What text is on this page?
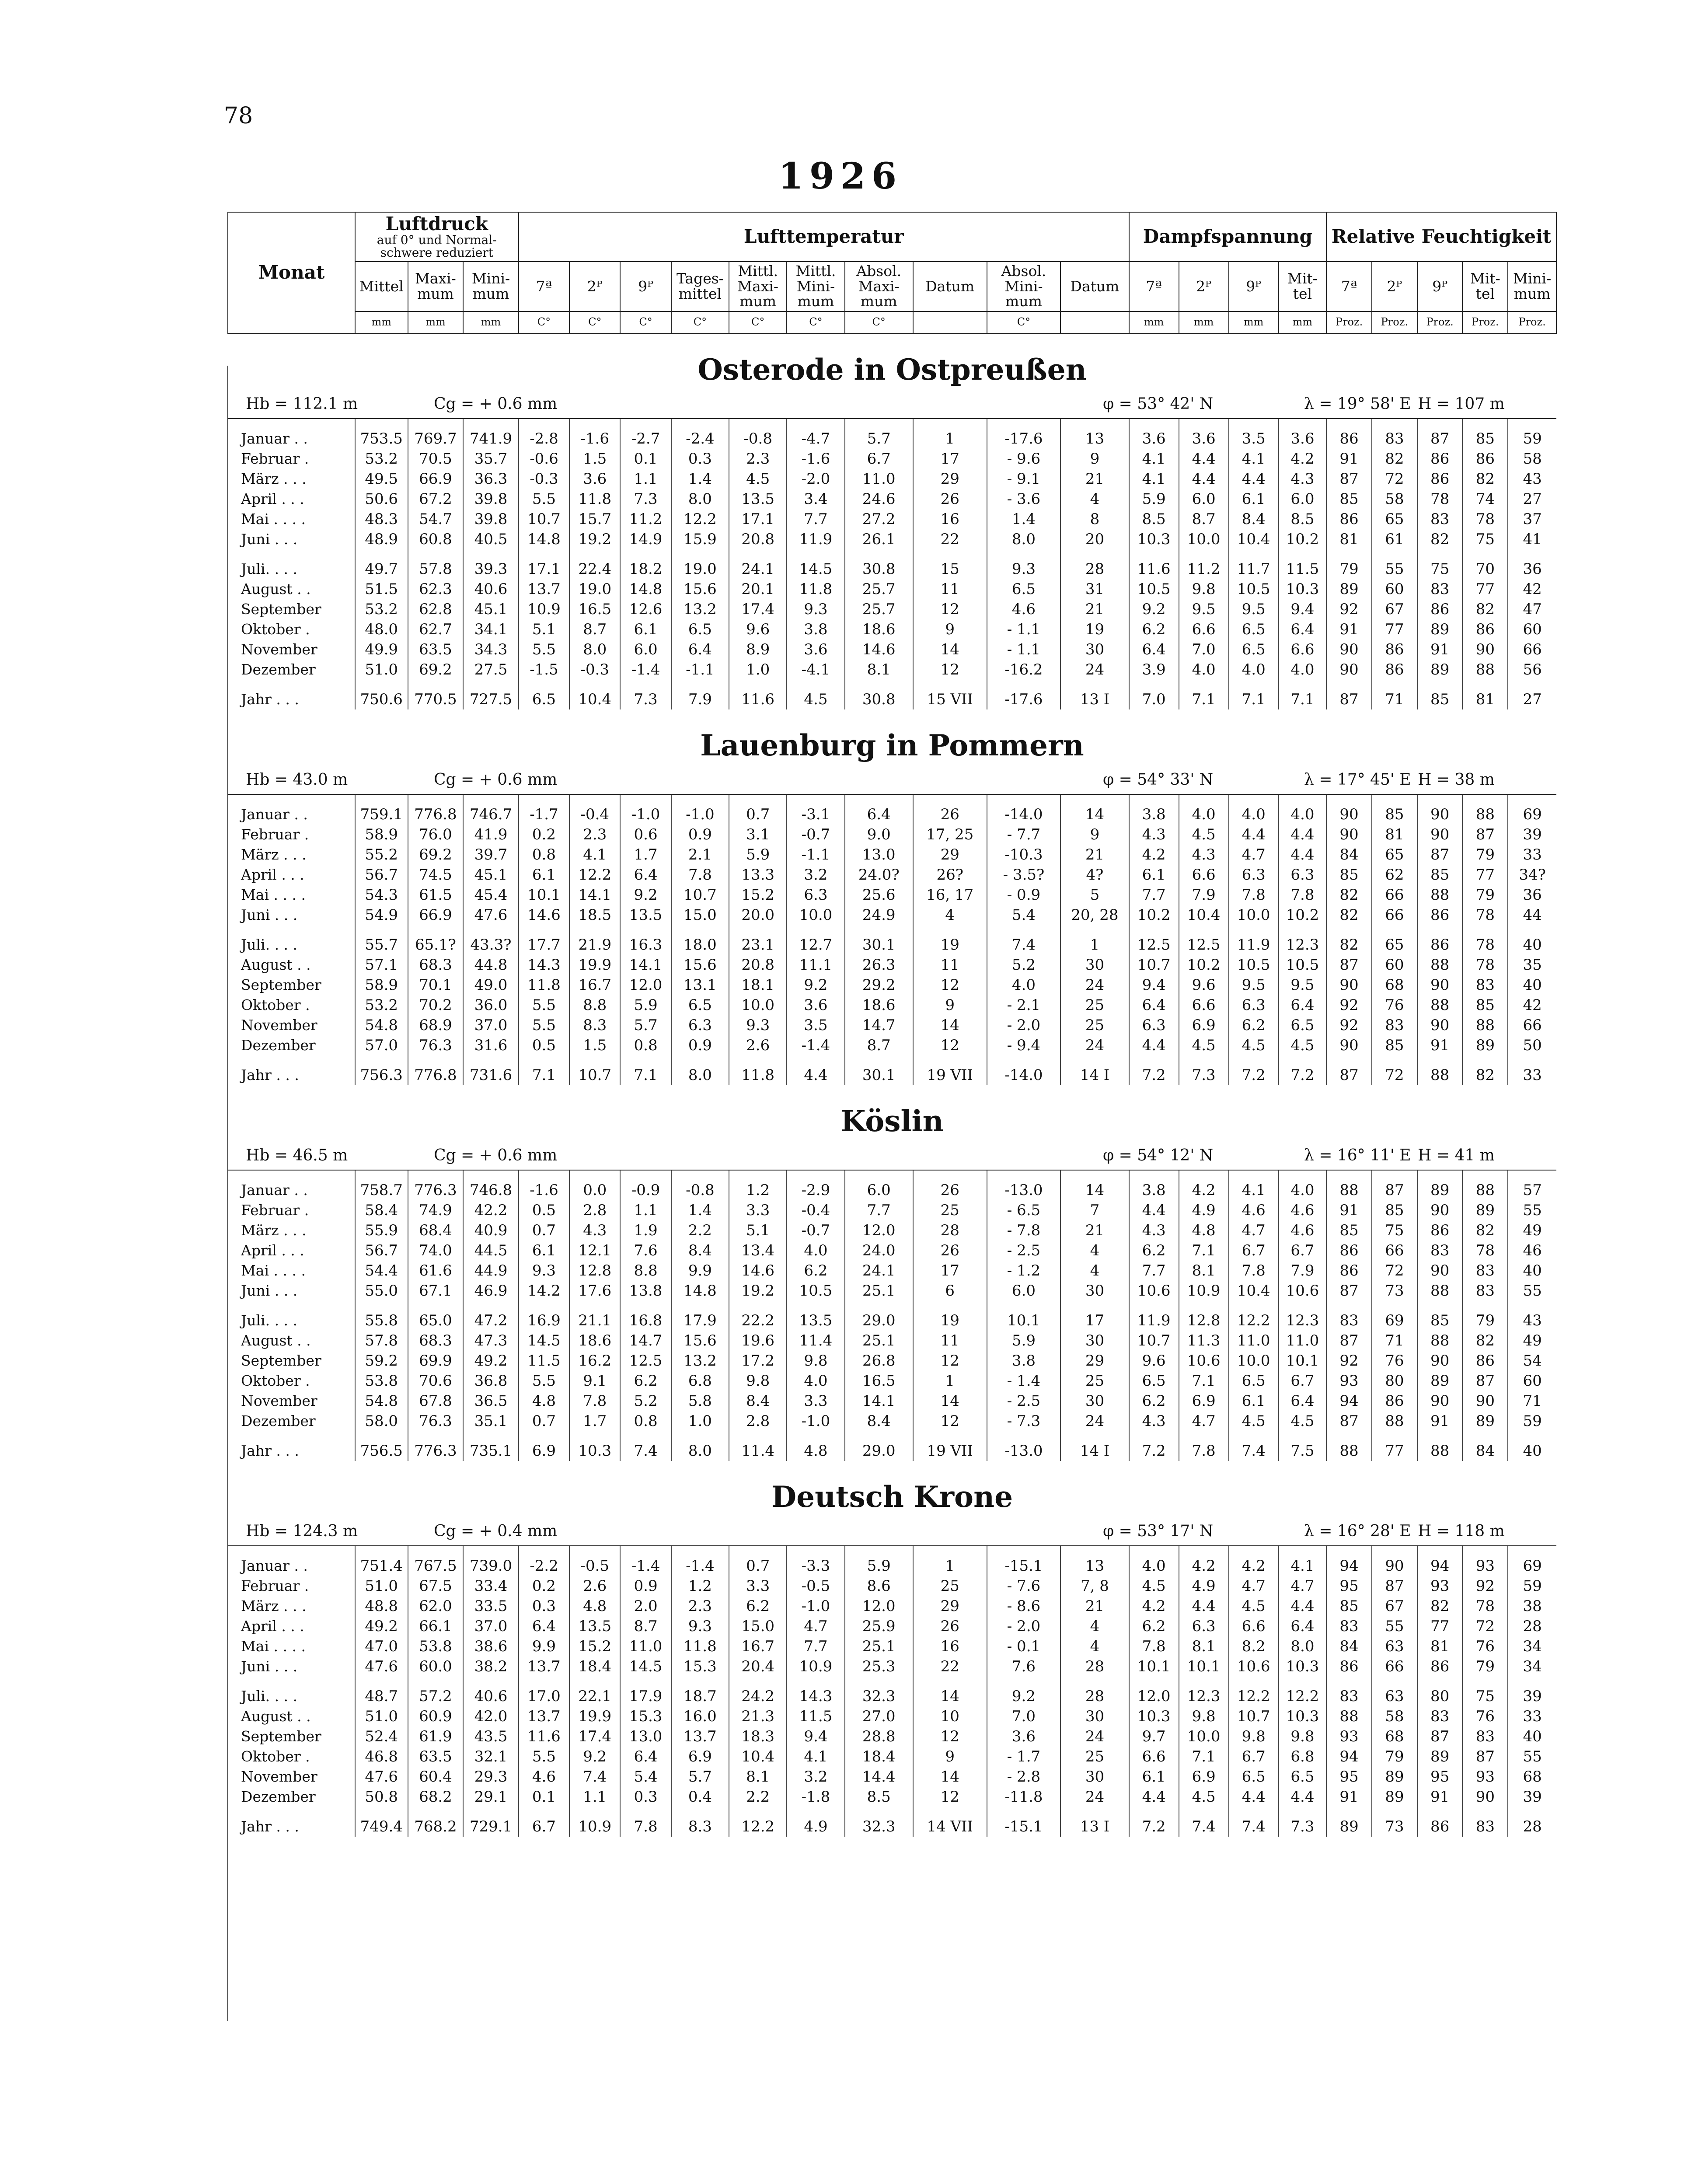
78
1926
Monat	Luftdruck
auf 0° und Normal-schwere reduziert			Lufttemperatur										Dampfspannung				Relative Feuchtigkeit				
	Mittel	Maxi-mum	Mini-mum	7ª	2ᴾ	9ᴾ	Tages-mittel	Mittl. Maxi-mum	Mittl. Mini-mum	Absol. Maxi-mum	Datum	Absol. Mini-mum	Datum	7ª	2ᴾ	9ᴾ	Mit-tel	7ª	2ᴾ	9ᴾ	Mit-tel	Mini-mum
	mm	mm	mm	C°	C°	C°	C°	C°	C°	C°		C°		mm	mm	mm	mm	Proz.	Proz.	Proz.	Proz.	Proz.
Osterode in Ostpreußen																						

Hb = 112.1 m Cg = + 0.6 mm φ = 53° 42' N λ = 19° 58' E H = 107 m																						

Januar . .	753.5	769.7	741.9	-2.8	-1.6	-2.7	-2.4	-0.8	-4.7	5.7	1	-17.6	13	3.6	3.6	3.5	3.6	86	83	87	85	59
Februar .	53.2	70.5	35.7	-0.6	1.5	0.1	0.3	2.3	-1.6	6.7	17	- 9.6	9	4.1	4.4	4.1	4.2	91	82	86	86	58
März . . .	49.5	66.9	36.3	-0.3	3.6	1.1	1.4	4.5	-2.0	11.0	29	- 9.1	21	4.1	4.4	4.4	4.3	87	72	86	82	43
April . . .	50.6	67.2	39.8	5.5	11.8	7.3	8.0	13.5	3.4	24.6	26	- 3.6	4	5.9	6.0	6.1	6.0	85	58	78	74	27
Mai . . . .	48.3	54.7	39.8	10.7	15.7	11.2	12.2	17.1	7.7	27.2	16	1.4	8	8.5	8.7	8.4	8.5	86	65	83	78	37
Juni . . .	48.9	60.8	40.5	14.8	19.2	14.9	15.9	20.8	11.9	26.1	22	8.0	20	10.3	10.0	10.4	10.2	81	61	82	75	41

Juli. . . .	49.7	57.8	39.3	17.1	22.4	18.2	19.0	24.1	14.5	30.8	15	9.3	28	11.6	11.2	11.7	11.5	79	55	75	70	36
August . .	51.5	62.3	40.6	13.7	19.0	14.8	15.6	20.1	11.8	25.7	11	6.5	31	10.5	9.8	10.5	10.3	89	60	83	77	42
September	53.2	62.8	45.1	10.9	16.5	12.6	13.2	17.4	9.3	25.7	12	4.6	21	9.2	9.5	9.5	9.4	92	67	86	82	47
Oktober .	48.0	62.7	34.1	5.1	8.7	6.1	6.5	9.6	3.8	18.6	9	- 1.1	19	6.2	6.6	6.5	6.4	91	77	89	86	60
November	49.9	63.5	34.3	5.5	8.0	6.0	6.4	8.9	3.6	14.6	14	- 1.1	30	6.4	7.0	6.5	6.6	90	86	91	90	66
Dezember	51.0	69.2	27.5	-1.5	-0.3	-1.4	-1.1	1.0	-4.1	8.1	12	-16.2	24	3.9	4.0	4.0	4.0	90	86	89	88	56

Jahr . . .	750.6	770.5	727.5	6.5	10.4	7.3	7.9	11.6	4.5	30.8	15 VII	-17.6	13 I	7.0	7.1	7.1	7.1	87	71	85	81	27
Lauenburg in Pommern																						

Hb = 43.0 m Cg = + 0.6 mm φ = 54° 33' N λ = 17° 45' E H = 38 m																						

Januar . .	759.1	776.8	746.7	-1.7	-0.4	-1.0	-1.0	0.7	-3.1	6.4	26	-14.0	14	3.8	4.0	4.0	4.0	90	85	90	88	69
Februar .	58.9	76.0	41.9	0.2	2.3	0.6	0.9	3.1	-0.7	9.0	17, 25	- 7.7	9	4.3	4.5	4.4	4.4	90	81	90	87	39
März . . .	55.2	69.2	39.7	0.8	4.1	1.7	2.1	5.9	-1.1	13.0	29	-10.3	21	4.2	4.3	4.7	4.4	84	65	87	79	33
April . . .	56.7	74.5	45.1	6.1	12.2	6.4	7.8	13.3	3.2	24.0?	26?	- 3.5?	4?	6.1	6.6	6.3	6.3	85	62	85	77	34?
Mai . . . .	54.3	61.5	45.4	10.1	14.1	9.2	10.7	15.2	6.3	25.6	16, 17	- 0.9	5	7.7	7.9	7.8	7.8	82	66	88	79	36
Juni . . .	54.9	66.9	47.6	14.6	18.5	13.5	15.0	20.0	10.0	24.9	4	5.4	20, 28	10.2	10.4	10.0	10.2	82	66	86	78	44

Juli. . . .	55.7	65.1?	43.3?	17.7	21.9	16.3	18.0	23.1	12.7	30.1	19	7.4	1	12.5	12.5	11.9	12.3	82	65	86	78	40
August . .	57.1	68.3	44.8	14.3	19.9	14.1	15.6	20.8	11.1	26.3	11	5.2	30	10.7	10.2	10.5	10.5	87	60	88	78	35
September	58.9	70.1	49.0	11.8	16.7	12.0	13.1	18.1	9.2	29.2	12	4.0	24	9.4	9.6	9.5	9.5	90	68	90	83	40
Oktober .	53.2	70.2	36.0	5.5	8.8	5.9	6.5	10.0	3.6	18.6	9	- 2.1	25	6.4	6.6	6.3	6.4	92	76	88	85	42
November	54.8	68.9	37.0	5.5	8.3	5.7	6.3	9.3	3.5	14.7	14	- 2.0	25	6.3	6.9	6.2	6.5	92	83	90	88	66
Dezember	57.0	76.3	31.6	0.5	1.5	0.8	0.9	2.6	-1.4	8.7	12	- 9.4	24	4.4	4.5	4.5	4.5	90	85	91	89	50

Jahr . . .	756.3	776.8	731.6	7.1	10.7	7.1	8.0	11.8	4.4	30.1	19 VII	-14.0	14 I	7.2	7.3	7.2	7.2	87	72	88	82	33
Köslin																						

Hb = 46.5 m Cg = + 0.6 mm φ = 54° 12' N λ = 16° 11' E H = 41 m																						

Januar . .	758.7	776.3	746.8	-1.6	0.0	-0.9	-0.8	1.2	-2.9	6.0	26	-13.0	14	3.8	4.2	4.1	4.0	88	87	89	88	57
Februar .	58.4	74.9	42.2	0.5	2.8	1.1	1.4	3.3	-0.4	7.7	25	- 6.5	7	4.4	4.9	4.6	4.6	91	85	90	89	55
März . . .	55.9	68.4	40.9	0.7	4.3	1.9	2.2	5.1	-0.7	12.0	28	- 7.8	21	4.3	4.8	4.7	4.6	85	75	86	82	49
April . . .	56.7	74.0	44.5	6.1	12.1	7.6	8.4	13.4	4.0	24.0	26	- 2.5	4	6.2	7.1	6.7	6.7	86	66	83	78	46
Mai . . . .	54.4	61.6	44.9	9.3	12.8	8.8	9.9	14.6	6.2	24.1	17	- 1.2	4	7.7	8.1	7.8	7.9	86	72	90	83	40
Juni . . .	55.0	67.1	46.9	14.2	17.6	13.8	14.8	19.2	10.5	25.1	6	6.0	30	10.6	10.9	10.4	10.6	87	73	88	83	55

Juli. . . .	55.8	65.0	47.2	16.9	21.1	16.8	17.9	22.2	13.5	29.0	19	10.1	17	11.9	12.8	12.2	12.3	83	69	85	79	43
August . .	57.8	68.3	47.3	14.5	18.6	14.7	15.6	19.6	11.4	25.1	11	5.9	30	10.7	11.3	11.0	11.0	87	71	88	82	49
September	59.2	69.9	49.2	11.5	16.2	12.5	13.2	17.2	9.8	26.8	12	3.8	29	9.6	10.6	10.0	10.1	92	76	90	86	54
Oktober .	53.8	70.6	36.8	5.5	9.1	6.2	6.8	9.8	4.0	16.5	1	- 1.4	25	6.5	7.1	6.5	6.7	93	80	89	87	60
November	54.8	67.8	36.5	4.8	7.8	5.2	5.8	8.4	3.3	14.1	14	- 2.5	30	6.2	6.9	6.1	6.4	94	86	90	90	71
Dezember	58.0	76.3	35.1	0.7	1.7	0.8	1.0	2.8	-1.0	8.4	12	- 7.3	24	4.3	4.7	4.5	4.5	87	88	91	89	59

Jahr . . .	756.5	776.3	735.1	6.9	10.3	7.4	8.0	11.4	4.8	29.0	19 VII	-13.0	14 I	7.2	7.8	7.4	7.5	88	77	88	84	40
Deutsch Krone																						

Hb = 124.3 m Cg = + 0.4 mm φ = 53° 17' N λ = 16° 28' E H = 118 m																						

Januar . .	751.4	767.5	739.0	-2.2	-0.5	-1.4	-1.4	0.7	-3.3	5.9	1	-15.1	13	4.0	4.2	4.2	4.1	94	90	94	93	69
Februar .	51.0	67.5	33.4	0.2	2.6	0.9	1.2	3.3	-0.5	8.6	25	- 7.6	7, 8	4.5	4.9	4.7	4.7	95	87	93	92	59
März . . .	48.8	62.0	33.5	0.3	4.8	2.0	2.3	6.2	-1.0	12.0	29	- 8.6	21	4.2	4.4	4.5	4.4	85	67	82	78	38
April . . .	49.2	66.1	37.0	6.4	13.5	8.7	9.3	15.0	4.7	25.9	26	- 2.0	4	6.2	6.3	6.6	6.4	83	55	77	72	28
Mai . . . .	47.0	53.8	38.6	9.9	15.2	11.0	11.8	16.7	7.7	25.1	16	- 0.1	4	7.8	8.1	8.2	8.0	84	63	81	76	34
Juni . . .	47.6	60.0	38.2	13.7	18.4	14.5	15.3	20.4	10.9	25.3	22	7.6	28	10.1	10.1	10.6	10.3	86	66	86	79	34

Juli. . . .	48.7	57.2	40.6	17.0	22.1	17.9	18.7	24.2	14.3	32.3	14	9.2	28	12.0	12.3	12.2	12.2	83	63	80	75	39
August . .	51.0	60.9	42.0	13.7	19.9	15.3	16.0	21.3	11.5	27.0	10	7.0	30	10.3	9.8	10.7	10.3	88	58	83	76	33
September	52.4	61.9	43.5	11.6	17.4	13.0	13.7	18.3	9.4	28.8	12	3.6	24	9.7	10.0	9.8	9.8	93	68	87	83	40
Oktober .	46.8	63.5	32.1	5.5	9.2	6.4	6.9	10.4	4.1	18.4	9	- 1.7	25	6.6	7.1	6.7	6.8	94	79	89	87	55
November	47.6	60.4	29.3	4.6	7.4	5.4	5.7	8.1	3.2	14.4	14	- 2.8	30	6.1	6.9	6.5	6.5	95	89	95	93	68
Dezember	50.8	68.2	29.1	0.1	1.1	0.3	0.4	2.2	-1.8	8.5	12	-11.8	24	4.4	4.5	4.4	4.4	91	89	91	90	39

Jahr . . .	749.4	768.2	729.1	6.7	10.9	7.8	8.3	12.2	4.9	32.3	14 VII	-15.1	13 I	7.2	7.4	7.4	7.3	89	73	86	83	28
